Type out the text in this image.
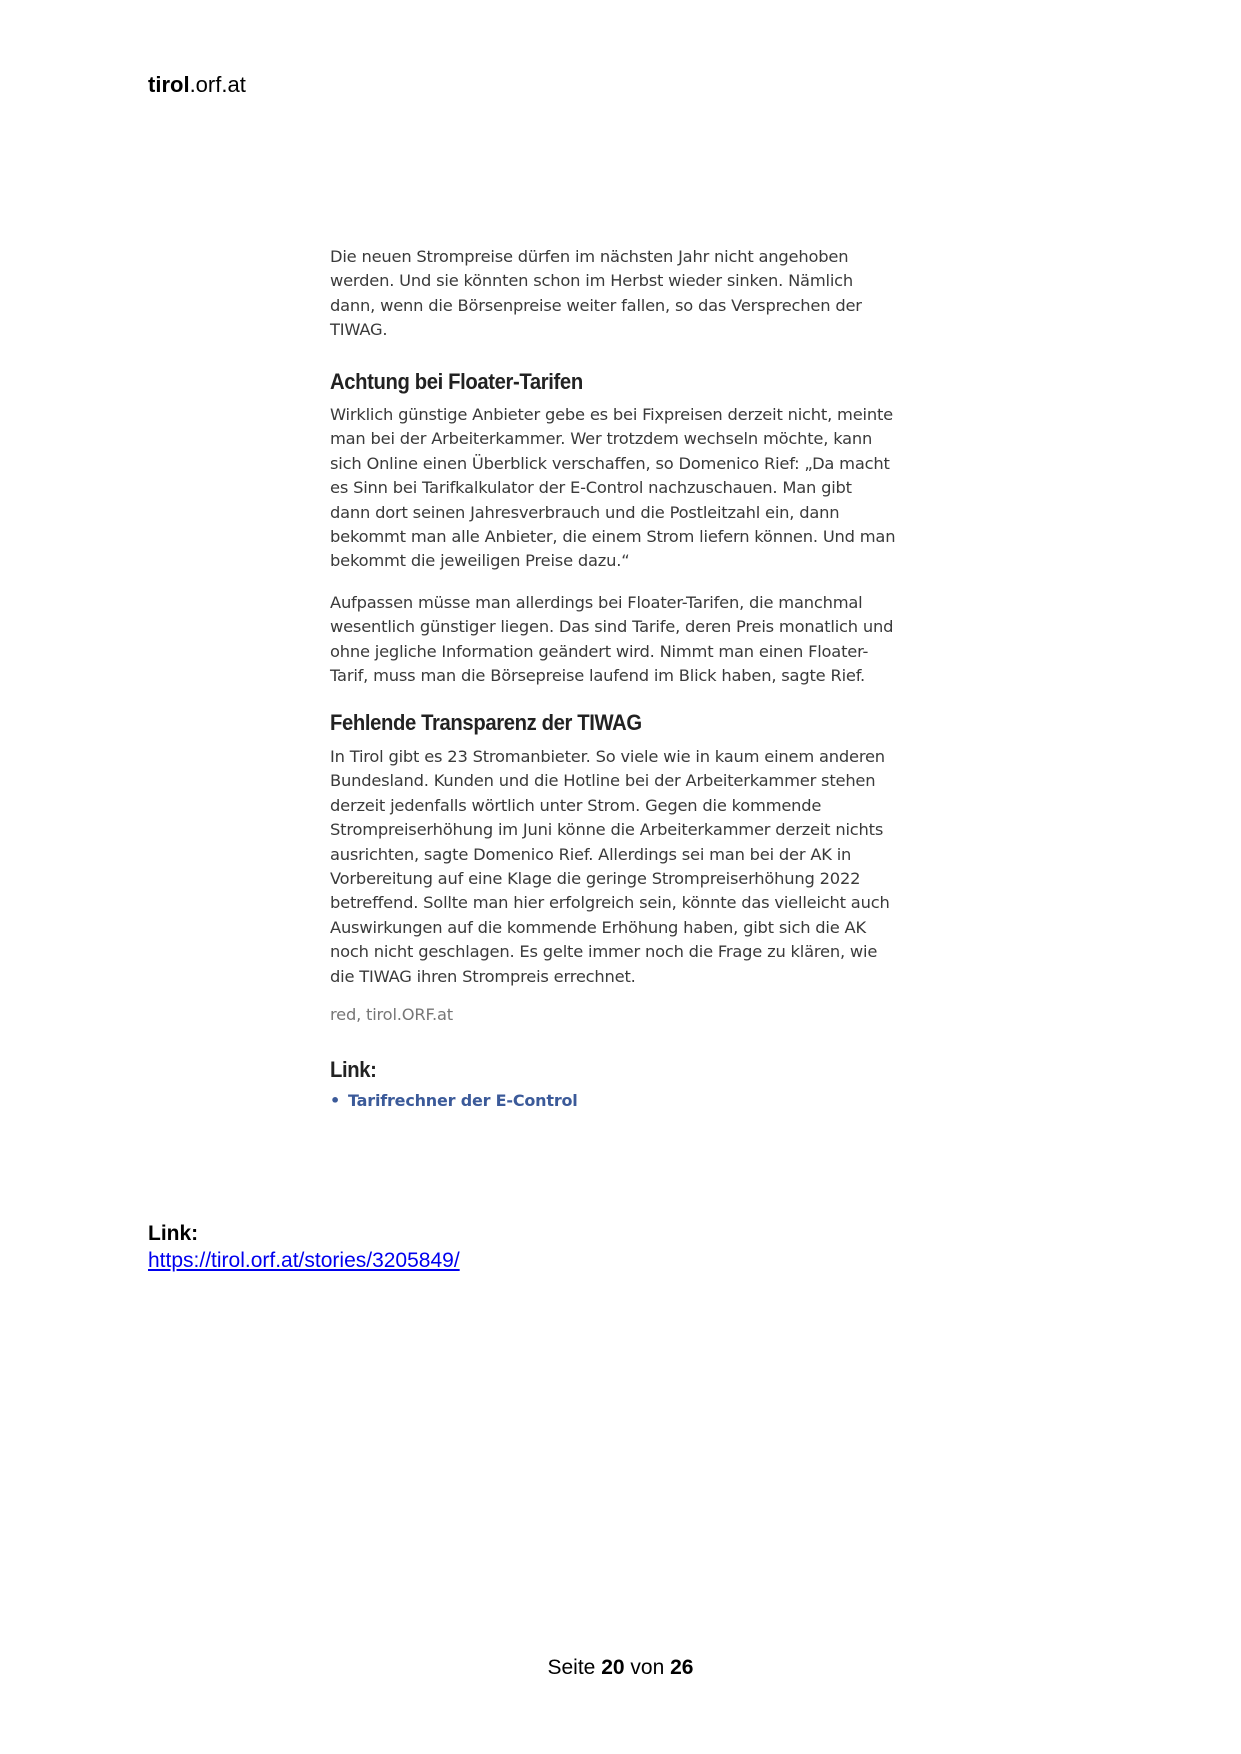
tirol.orf.at
Die neuen Strompreise dürfen im nächsten Jahr nicht angehoben
werden. Und sie könnten schon im Herbst wieder sinken. Nämlich
dann, wenn die Börsenpreise weiter fallen, so das Versprechen der
TIWAG.
Achtung bei Floater-Tarifen
Wirklich günstige Anbieter gebe es bei Fixpreisen derzeit nicht, meinte
man bei der Arbeiterkammer. Wer trotzdem wechseln möchte, kann
sich Online einen Überblick verschaffen, so Domenico Rief: „Da macht
es Sinn bei Tarifkalkulator der E-Control nachzuschauen. Man gibt
dann dort seinen Jahresverbrauch und die Postleitzahl ein, dann
bekommt man alle Anbieter, die einem Strom liefern können. Und man
bekommt die jeweiligen Preise dazu.“
Aufpassen müsse man allerdings bei Floater-Tarifen, die manchmal
wesentlich günstiger liegen. Das sind Tarife, deren Preis monatlich und
ohne jegliche Information geändert wird. Nimmt man einen Floater-
Tarif, muss man die Börsepreise laufend im Blick haben, sagte Rief.
Fehlende Transparenz der TIWAG
In Tirol gibt es 23 Stromanbieter. So viele wie in kaum einem anderen
Bundesland. Kunden und die Hotline bei der Arbeiterkammer stehen
derzeit jedenfalls wörtlich unter Strom. Gegen die kommende
Strompreiserhöhung im Juni könne die Arbeiterkammer derzeit nichts
ausrichten, sagte Domenico Rief. Allerdings sei man bei der AK in
Vorbereitung auf eine Klage die geringe Strompreiserhöhung 2022
betreffend. Sollte man hier erfolgreich sein, könnte das vielleicht auch
Auswirkungen auf die kommende Erhöhung haben, gibt sich die AK
noch nicht geschlagen. Es gelte immer noch die Frage zu klären, wie
die TIWAG ihren Strompreis errechnet.
red, tirol.ORF.at
Link:
• Tarifrechner der E-Control
Link:
https://tirol.orf.at/stories/3205849/
Seite 20 von 26
